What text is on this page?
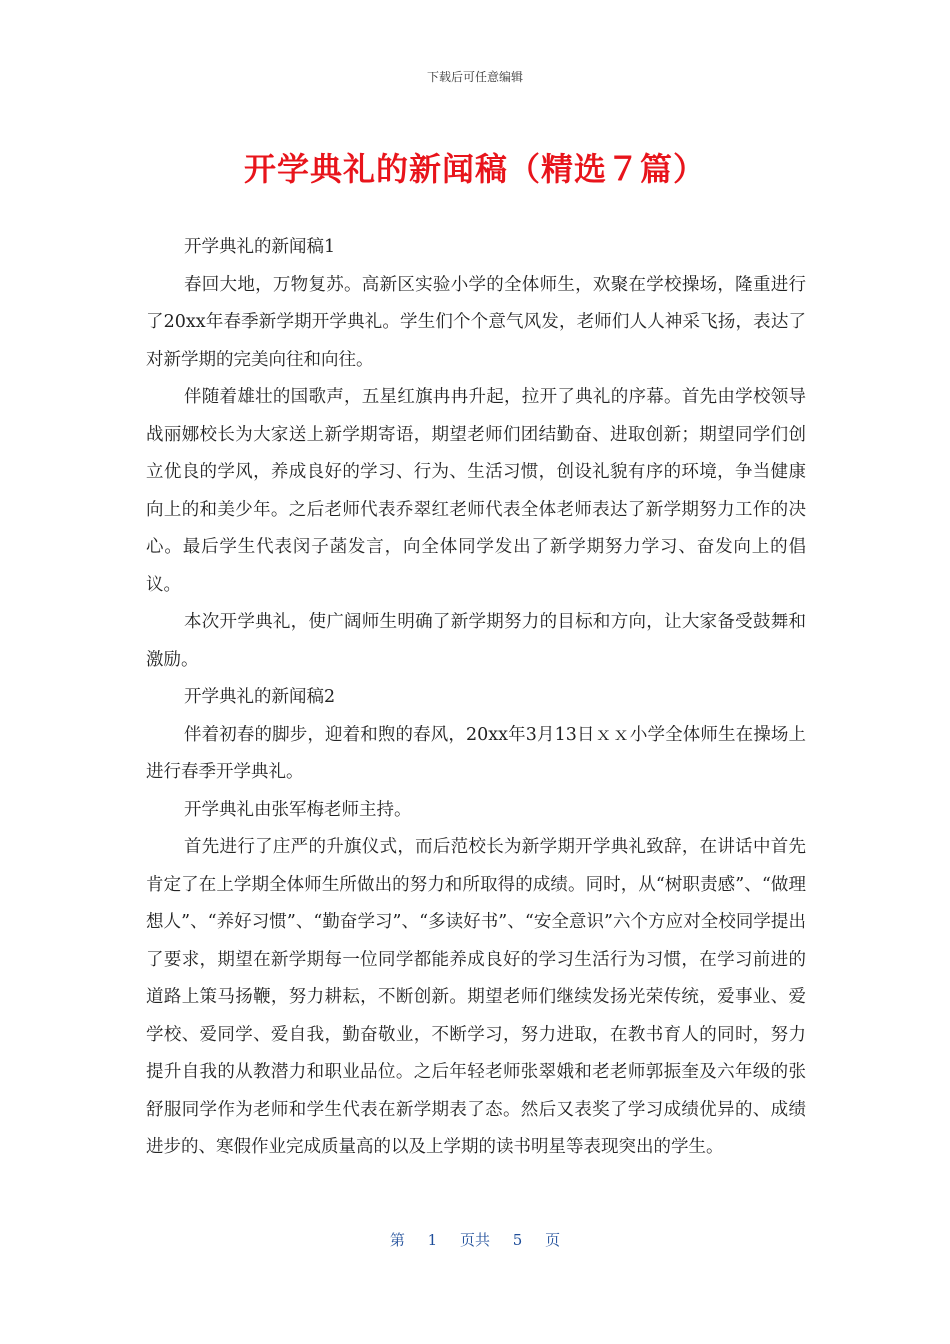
下载后可任意编辑
开学典礼的新闻稿（精选７篇）

开学典礼的新闻稿1

春回大地，万物复苏。高新区实验小学的全体师生，欢聚在学校操场，隆重进行了20xx年春季新学期开学典礼。学生们个个意气风发，老师们人人神采飞扬，表达了对新学期的完美向往和向往。

伴随着雄壮的国歌声，五星红旗冉冉升起，拉开了典礼的序幕。首先由学校领导战丽娜校长为大家送上新学期寄语，期望老师们团结勤奋、进取创新；期望同学们创立优良的学风，养成良好的学习、行为、生活习惯，创设礼貌有序的环境，争当健康向上的和美少年。之后老师代表乔翠红老师代表全体老师表达了新学期努力工作的决心。最后学生代表闵子菡发言，向全体同学发出了新学期努力学习、奋发向上的倡议。

本次开学典礼，使广阔师生明确了新学期努力的目标和方向，让大家备受鼓舞和激励。

开学典礼的新闻稿2

伴着初春的脚步，迎着和煦的春风，20xx年3月13日ｘｘ小学全体师生在操场上进行春季开学典礼。

开学典礼由张军梅老师主持。

首先进行了庄严的升旗仪式，而后范校长为新学期开学典礼致辞，在讲话中首先肯定了在上学期全体师生所做出的努力和所取得的成绩。同时，从“树职责感”、“做理想人”、“养好习惯”、“勤奋学习”、“多读好书”、“安全意识”六个方应对全校同学提出了要求，期望在新学期每一位同学都能养成良好的学习生活行为习惯，在学习前进的道路上策马扬鞭，努力耕耘，不断创新。期望老师们继续发扬光荣传统，爱事业、爱学校、爱同学、爱自我，勤奋敬业，不断学习，努力进取，在教书育人的同时，努力提升自我的从教潜力和职业品位。之后年轻老师张翠娥和老老师郭振奎及六年级的张舒服同学作为老师和学生代表在新学期表了态。然后又表奖了学习成绩优异的、成绩进步的、寒假作业完成质量高的以及上学期的读书明星等表现突出的学生。

第 1 页共 5 页
